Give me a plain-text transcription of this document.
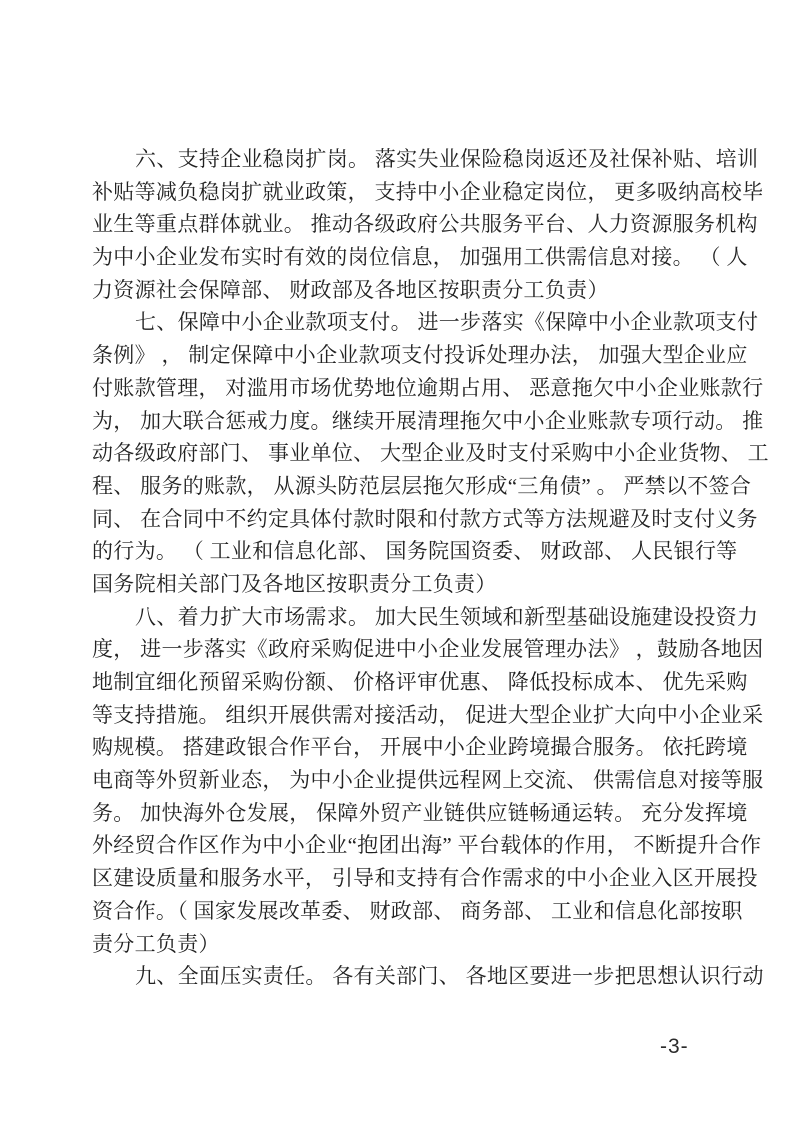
六、支持企业稳岗扩岗。 落实失业保险稳岗返还及社保补贴、培训
补贴等减负稳岗扩就业政策， 支持中小企业稳定岗位， 更多吸纳高校毕
业生等重点群体就业。 推动各级政府公共服务平台、人力资源服务机构
为中小企业发布实时有效的岗位信息， 加强用工供需信息对接。 （ 人
力资源社会保障部、 财政部及各地区按职责分工负责）
七、保障中小企业款项支付。 进一步落实《保障中小企业款项支付
条例》 ， 制定保障中小企业款项支付投诉处理办法， 加强大型企业应
付账款管理， 对滥用市场优势地位逾期占用、 恶意拖欠中小企业账款行
为， 加大联合惩戒力度。继续开展清理拖欠中小企业账款专项行动。 推
动各级政府部门、 事业单位、 大型企业及时支付采购中小企业货物、 工
程、 服务的账款， 从源头防范层层拖欠形成“三角债” 。 严禁以不签合
同、 在合同中不约定具体付款时限和付款方式等方法规避及时支付义务
的行为。 （ 工业和信息化部、 国务院国资委、 财政部、 人民银行等
国务院相关部门及各地区按职责分工负责）
八、着力扩大市场需求。 加大民生领域和新型基础设施建设投资力
度， 进一步落实《政府采购促进中小企业发展管理办法》 ，鼓励各地因
地制宜细化预留采购份额、 价格评审优惠、 降低投标成本、 优先采购
等支持措施。 组织开展供需对接活动， 促进大型企业扩大向中小企业采
购规模。 搭建政银合作平台， 开展中小企业跨境撮合服务。 依托跨境
电商等外贸新业态， 为中小企业提供远程网上交流、 供需信息对接等服
务。 加快海外仓发展， 保障外贸产业链供应链畅通运转。 充分发挥境
外经贸合作区作为中小企业“抱团出海” 平台载体的作用， 不断提升合作
区建设质量和服务水平， 引导和支持有合作需求的中小企业入区开展投
资合作。（ 国家发展改革委、 财政部、 商务部、 工业和信息化部按职
责分工负责）
九、全面压实责任。 各有关部门、 各地区要进一步把思想认识行动
-3-
